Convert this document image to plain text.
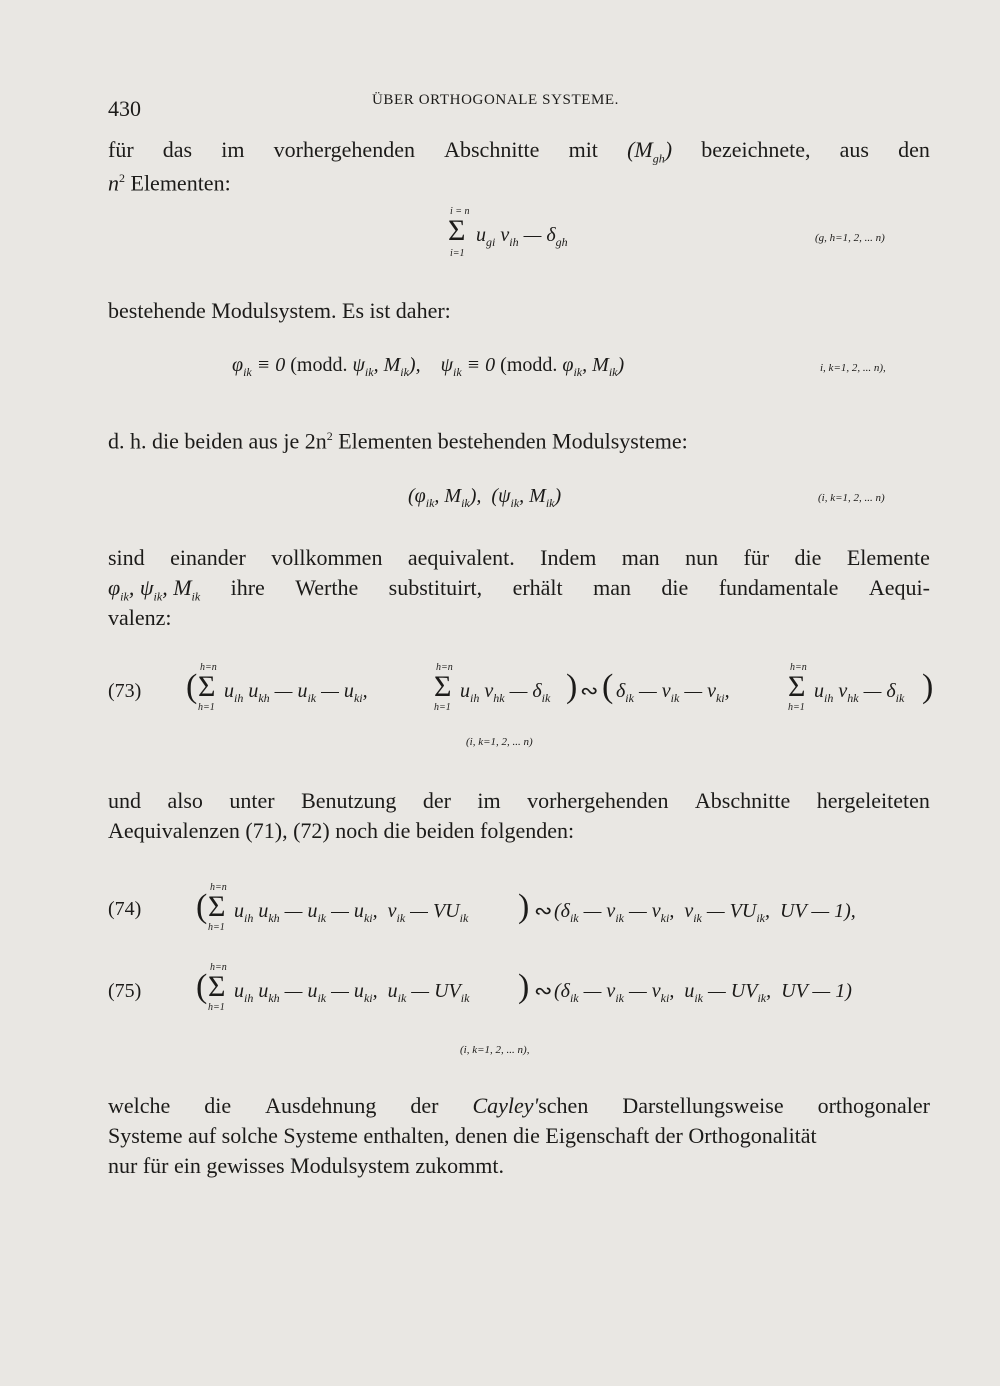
430	ÜBER ORTHOGONALE SYSTEME.
für das im vorhergehenden Abschnitte mit $(M_{gh})$ bezeichnete, aus den
$n^2$ Elementen:
i = n
Σ
i=1
$u_{gi}$ $v_{ih}$ — $\delta_{gh}$	(g, h=1, 2, ... n)
bestehende Modulsystem. Es ist daher:
$\varphi_{ik} \equiv 0$ (modd. $\psi_{ik}$, $M_{ik}$),    $\psi_{ik} \equiv 0$ (modd. $\varphi_{ik}$, $M_{ik}$)	i, k=1, 2, ... n),
d. h. die beiden aus je $2n^2$ Elementen bestehenden Modulsysteme:
($\varphi_{ik}$, $M_{ik}$),  ($\psi_{ik}$, $M_{ik}$)	(i, k=1, 2, ... n)
sind einander vollkommen aequivalent. Indem man nun für die Elemente
$\varphi_{ik}$, $\psi_{ik}$, $M_{ik}$ ihre Werthe substituirt, erhält man die fundamentale Aequi-
valenz:
(73) (
h=n
Σ
h=1
$u_{ih}$ $u_{kh}$ — $u_{ik}$ — $u_{ki}$,
h=n
Σ
h=1
$u_{ih}$ $v_{hk}$ — $\delta_{ik}$ ) ∾ ( $\delta_{ik}$ — $v_{ik}$ — $v_{ki}$,
h=n
Σ
h=1
$u_{ih}$ $v_{hk}$ — $\delta_{ik}$ )
(i, k=1, 2, ... n)
und also unter Benutzung der im vorhergehenden Abschnitte hergeleiteten
Aequivalenzen (71), (72) noch die beiden folgenden:
(74) (
h=n
Σ
h=1
$u_{ih}$ $u_{kh}$ — $u_{ik}$ — $u_{ki}$,  $v_{ik}$ — $VU_{ik}$ ) ∾ ($\delta_{ik}$ — $v_{ik}$ — $v_{ki}$,  $v_{ik}$ — $VU_{ik}$,  UV — 1),
(75) (
h=n
Σ
h=1
$u_{ih}$ $u_{kh}$ — $u_{ik}$ — $u_{ki}$,  $u_{ik}$ — $UV_{ik}$ ) ∾ ($\delta_{ik}$ — $v_{ik}$ — $v_{ki}$,  $u_{ik}$ — $UV_{ik}$,  UV — 1)
(i, k=1, 2, ... n),
welche die Ausdehnung der Cayley'schen Darstellungsweise orthogonaler
Systeme auf solche Systeme enthalten, denen die Eigenschaft der Orthogonalität
nur für ein gewisses Modulsystem zukommt.
